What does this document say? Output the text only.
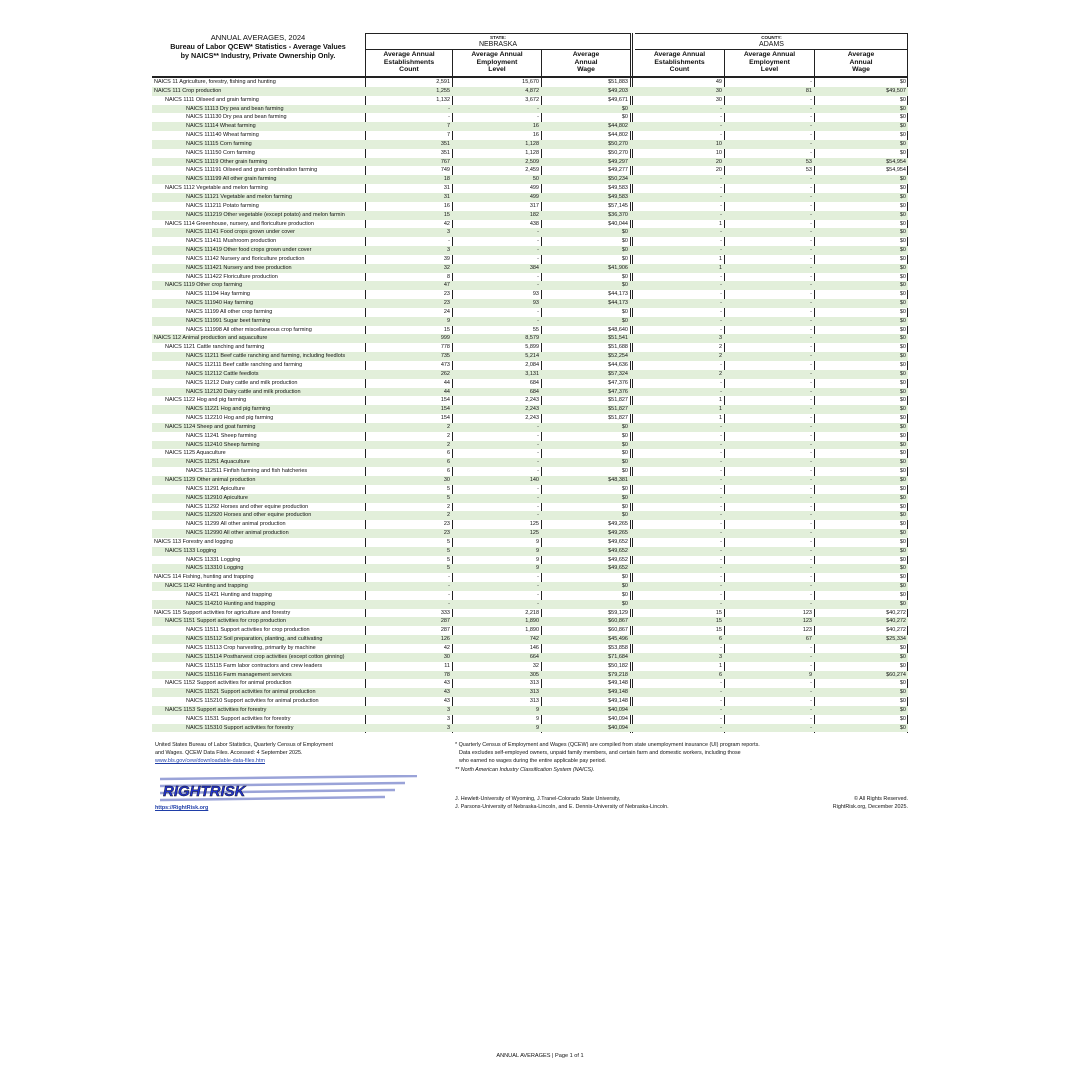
ANNUAL AVERAGES, 2024
Bureau of Labor QCEW* Statistics - Average Values
by NAICS** Industry, Private Ownership Only.
STATE:
NEBRASKA
COUNTY:
ADAMS
Average Annual
Establishments
Count
Average Annual
Employment
Level
Average
Annual
Wage
Average Annual
Establishments
Count
Average Annual
Employment
Level
Average
Annual
Wage
NAICS 11 Agriculture, forestry, fishing and hunting	2,591	15,670	$51,883	49	-	$0
NAICS 111 Crop production	1,255	4,872	$49,203	30	81	$49,507
NAICS 1111 Oilseed and grain farming	1,132	3,672	$49,671	30	-	$0
NAICS 11113 Dry pea and bean farming	-	-	$0	-	-	$0
NAICS 111130 Dry pea and bean farming	-	-	$0	-	-	$0
NAICS 11114 Wheat farming	7	16	$44,802	-	-	$0
NAICS 111140 Wheat farming	7	16	$44,802	-	-	$0
NAICS 11115 Corn farming	351	1,128	$50,270	10	-	$0
NAICS 111150 Corn farming	351	1,128	$50,270	10	-	$0
NAICS 11119 Other grain farming	767	2,509	$49,297	20	53	$54,954
NAICS 111191 Oilseed and grain combination farming	749	2,459	$49,277	20	53	$54,954
NAICS 111199 All other grain farming	18	50	$50,234	-	-	$0
NAICS 1112 Vegetable and melon farming	31	499	$49,583	-	-	$0
NAICS 11121 Vegetable and melon farming	31	499	$49,583	-	-	$0
NAICS 111211 Potato farming	16	317	$57,145	-	-	$0
NAICS 111219 Other vegetable (except potato) and melon farmin	15	182	$36,370	-	-	$0
NAICS 1114 Greenhouse, nursery, and floriculture production	42	438	$40,044	1	-	$0
NAICS 11141 Food crops grown under cover	3	-	$0	-	-	$0
NAICS 111411 Mushroom production	-	-	$0	-	-	$0
NAICS 111419 Other food crops grown under cover	3	-	$0	-	-	$0
NAICS 11142 Nursery and floriculture production	39	-	$0	1	-	$0
NAICS 111421 Nursery and tree production	32	384	$41,906	1	-	$0
NAICS 111422 Floriculture production	8	-	$0	-	-	$0
NAICS 1119 Other crop farming	47	-	$0	-	-	$0
NAICS 11194 Hay farming	23	93	$44,173	-	-	$0
NAICS 111940 Hay farming	23	93	$44,173	-	-	$0
NAICS 11199 All other crop farming	24	-	$0	-	-	$0
NAICS 111991 Sugar beet farming	9	-	$0	-	-	$0
NAICS 111998 All other miscellaneous crop farming	15	55	$48,640	-	-	$0
NAICS 112 Animal production and aquaculture	999	8,579	$51,541	3	-	$0
NAICS 1121 Cattle ranching and farming	778	5,899	$51,688	2	-	$0
NAICS 11211 Beef cattle ranching and farming, including feedlots	735	5,214	$52,254	2	-	$0
NAICS 112111 Beef cattle ranching and farming	473	2,084	$44,636	-	-	$0
NAICS 112112 Cattle feedlots	262	3,131	$57,324	2	-	$0
NAICS 11212 Dairy cattle and milk production	44	684	$47,376	-	-	$0
NAICS 112120 Dairy cattle and milk production	44	684	$47,376	-	-	$0
NAICS 1122 Hog and pig farming	154	2,243	$51,827	1	-	$0
NAICS 11221 Hog and pig farming	154	2,243	$51,827	1	-	$0
NAICS 112210 Hog and pig farming	154	2,243	$51,827	1	-	$0
NAICS 1124 Sheep and goat farming	2	-	$0	-	-	$0
NAICS 11241 Sheep farming	2	-	$0	-	-	$0
NAICS 112410 Sheep farming	2	-	$0	-	-	$0
NAICS 1125 Aquaculture	6	-	$0	-	-	$0
NAICS 11251 Aquaculture	6	-	$0	-	-	$0
NAICS 112511 Finfish farming and fish hatcheries	6	-	$0	-	-	$0
NAICS 1129 Other animal production	30	140	$48,381	-	-	$0
NAICS 11291 Apiculture	5	-	$0	-	-	$0
NAICS 112910 Apiculture	5	-	$0	-	-	$0
NAICS 11292 Horses and other equine production	2	-	$0	-	-	$0
NAICS 112920 Horses and other equine production	2	-	$0	-	-	$0
NAICS 11299 All other animal production	23	125	$49,265	-	-	$0
NAICS 112990 All other animal production	23	125	$49,265	-	-	$0
NAICS 113 Forestry and logging	5	9	$49,652	-	-	$0
NAICS 1133 Logging	5	9	$49,652	-	-	$0
NAICS 11331 Logging	5	9	$49,652	-	-	$0
NAICS 113310 Logging	5	9	$49,652	-	-	$0
NAICS 114 Fishing, hunting and trapping	-	-	$0	-	-	$0
NAICS 1142 Hunting and trapping	-	-	$0	-	-	$0
NAICS 11421 Hunting and trapping	-	-	$0	-	-	$0
NAICS 114210 Hunting and trapping	-	-	$0	-	-	$0
NAICS 115 Support activities for agriculture and forestry	333	2,218	$59,129	15	123	$40,272
NAICS 1151 Support activities for crop production	287	1,890	$60,867	15	123	$40,272
NAICS 11511 Support activities for crop production	287	1,890	$60,867	15	123	$40,272
NAICS 115112 Soil preparation, planting, and cultivating	126	742	$45,496	6	67	$25,334
NAICS 115113 Crop harvesting, primarily by machine	42	146	$53,858	-	-	$0
NAICS 115114 Postharvest crop activities (except cotton ginning)	30	664	$71,684	3	-	$0
NAICS 115115 Farm labor contractors and crew leaders	11	32	$50,182	1	-	$0
NAICS 115116 Farm management services	78	305	$79,218	6	9	$60,274
NAICS 1152 Support activities for animal production	43	313	$49,148	-	-	$0
NAICS 11521 Support activities for animal production	43	313	$49,148	-	-	$0
NAICS 115210 Support activities for animal production	43	313	$49,148	-	-	$0
NAICS 1153 Support activities for forestry	3	9	$40,094	-	-	$0
NAICS 11531 Support activities for forestry	3	9	$40,094	-	-	$0
NAICS 115310 Support activities for forestry	3	9	$40,094	-	-	$0
United States Bureau of Labor Statistics, Quarterly Census of Employment
and Wages. QCEW Data Files. Accessed: 4 September 2025.
www.bls.gov/cew/downloadable-data-files.htm
RIGHTRISK
https://RightRisk.org
* Quarterly Census of Employment and Wages (QCEW) are compiled from state unemployment insurance (UI) program reports.
Data excludes self-employed owners, unpaid family members, and certain farm and domestic workers, including those
who earned no wages during the entire applicable pay period.
** North American Industry Classification System (NAICS).
J. Hewlett-University of Wyoming, J.Tranel-Colorado State University,
J. Parsons-University of Nebraska-Lincoln, and E. Dennis-University of Nebraska-Lincoln.
© All Rights Reserved.
RightRisk.org, December 2025.
ANNUAL AVERAGES | Page 1 of 1
